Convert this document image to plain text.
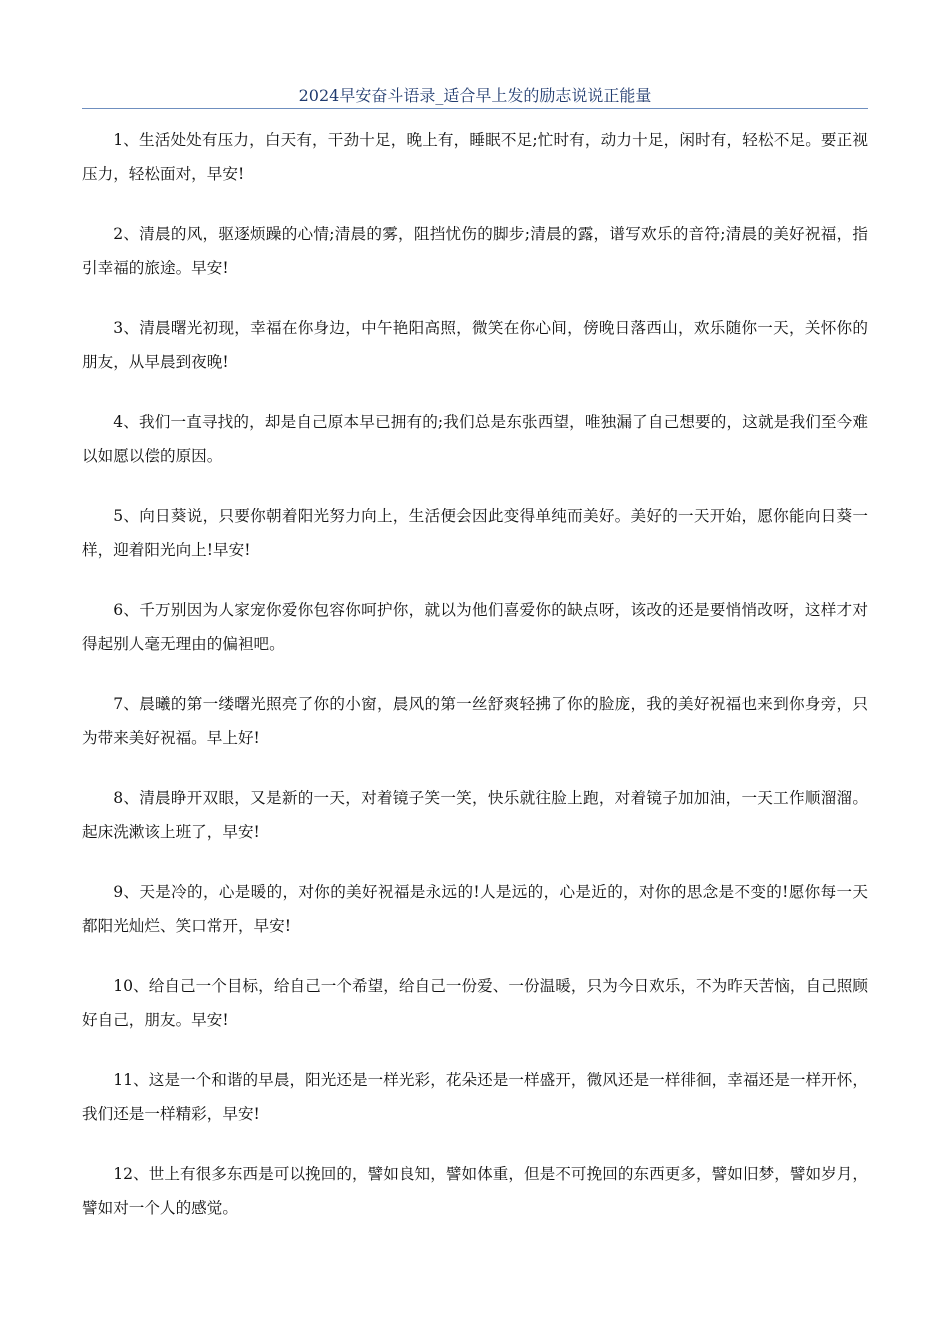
2024早安奋斗语录_适合早上发的励志说说正能量

1、生活处处有压力，白天有，干劲十足，晚上有，睡眠不足;忙时有，动力十足，闲时有，轻松不足。要正视压力，轻松面对，早安!

2、清晨的风，驱逐烦躁的心情;清晨的雾，阻挡忧伤的脚步;清晨的露，谱写欢乐的音符;清晨的美好祝福，指引幸福的旅途。早安!

3、清晨曙光初现，幸福在你身边，中午艳阳高照，微笑在你心间，傍晚日落西山，欢乐随你一天，关怀你的朋友，从早晨到夜晚!

4、我们一直寻找的，却是自己原本早已拥有的;我们总是东张西望，唯独漏了自己想要的，这就是我们至今难以如愿以偿的原因。

5、向日葵说，只要你朝着阳光努力向上，生活便会因此变得单纯而美好。美好的一天开始，愿你能向日葵一样，迎着阳光向上!早安!

6、千万别因为人家宠你爱你包容你呵护你，就以为他们喜爱你的缺点呀，该改的还是要悄悄改呀，这样才对得起别人毫无理由的偏袒吧。

7、晨曦的第一缕曙光照亮了你的小窗，晨风的第一丝舒爽轻拂了你的脸庞，我的美好祝福也来到你身旁，只为带来美好祝福。早上好!

8、清晨睁开双眼，又是新的一天，对着镜子笑一笑，快乐就往脸上跑，对着镜子加加油，一天工作顺溜溜。起床洗漱该上班了，早安!

9、天是冷的，心是暖的，对你的美好祝福是永远的!人是远的，心是近的，对你的思念是不变的!愿你每一天都阳光灿烂、笑口常开，早安!

10、给自己一个目标，给自己一个希望，给自己一份爱、一份温暖，只为今日欢乐，不为昨天苦恼，自己照顾好自己，朋友。早安!

11、这是一个和谐的早晨，阳光还是一样光彩，花朵还是一样盛开，微风还是一样徘徊，幸福还是一样开怀，我们还是一样精彩，早安!

12、世上有很多东西是可以挽回的，譬如良知，譬如体重，但是不可挽回的东西更多，譬如旧梦，譬如岁月，譬如对一个人的感觉。
